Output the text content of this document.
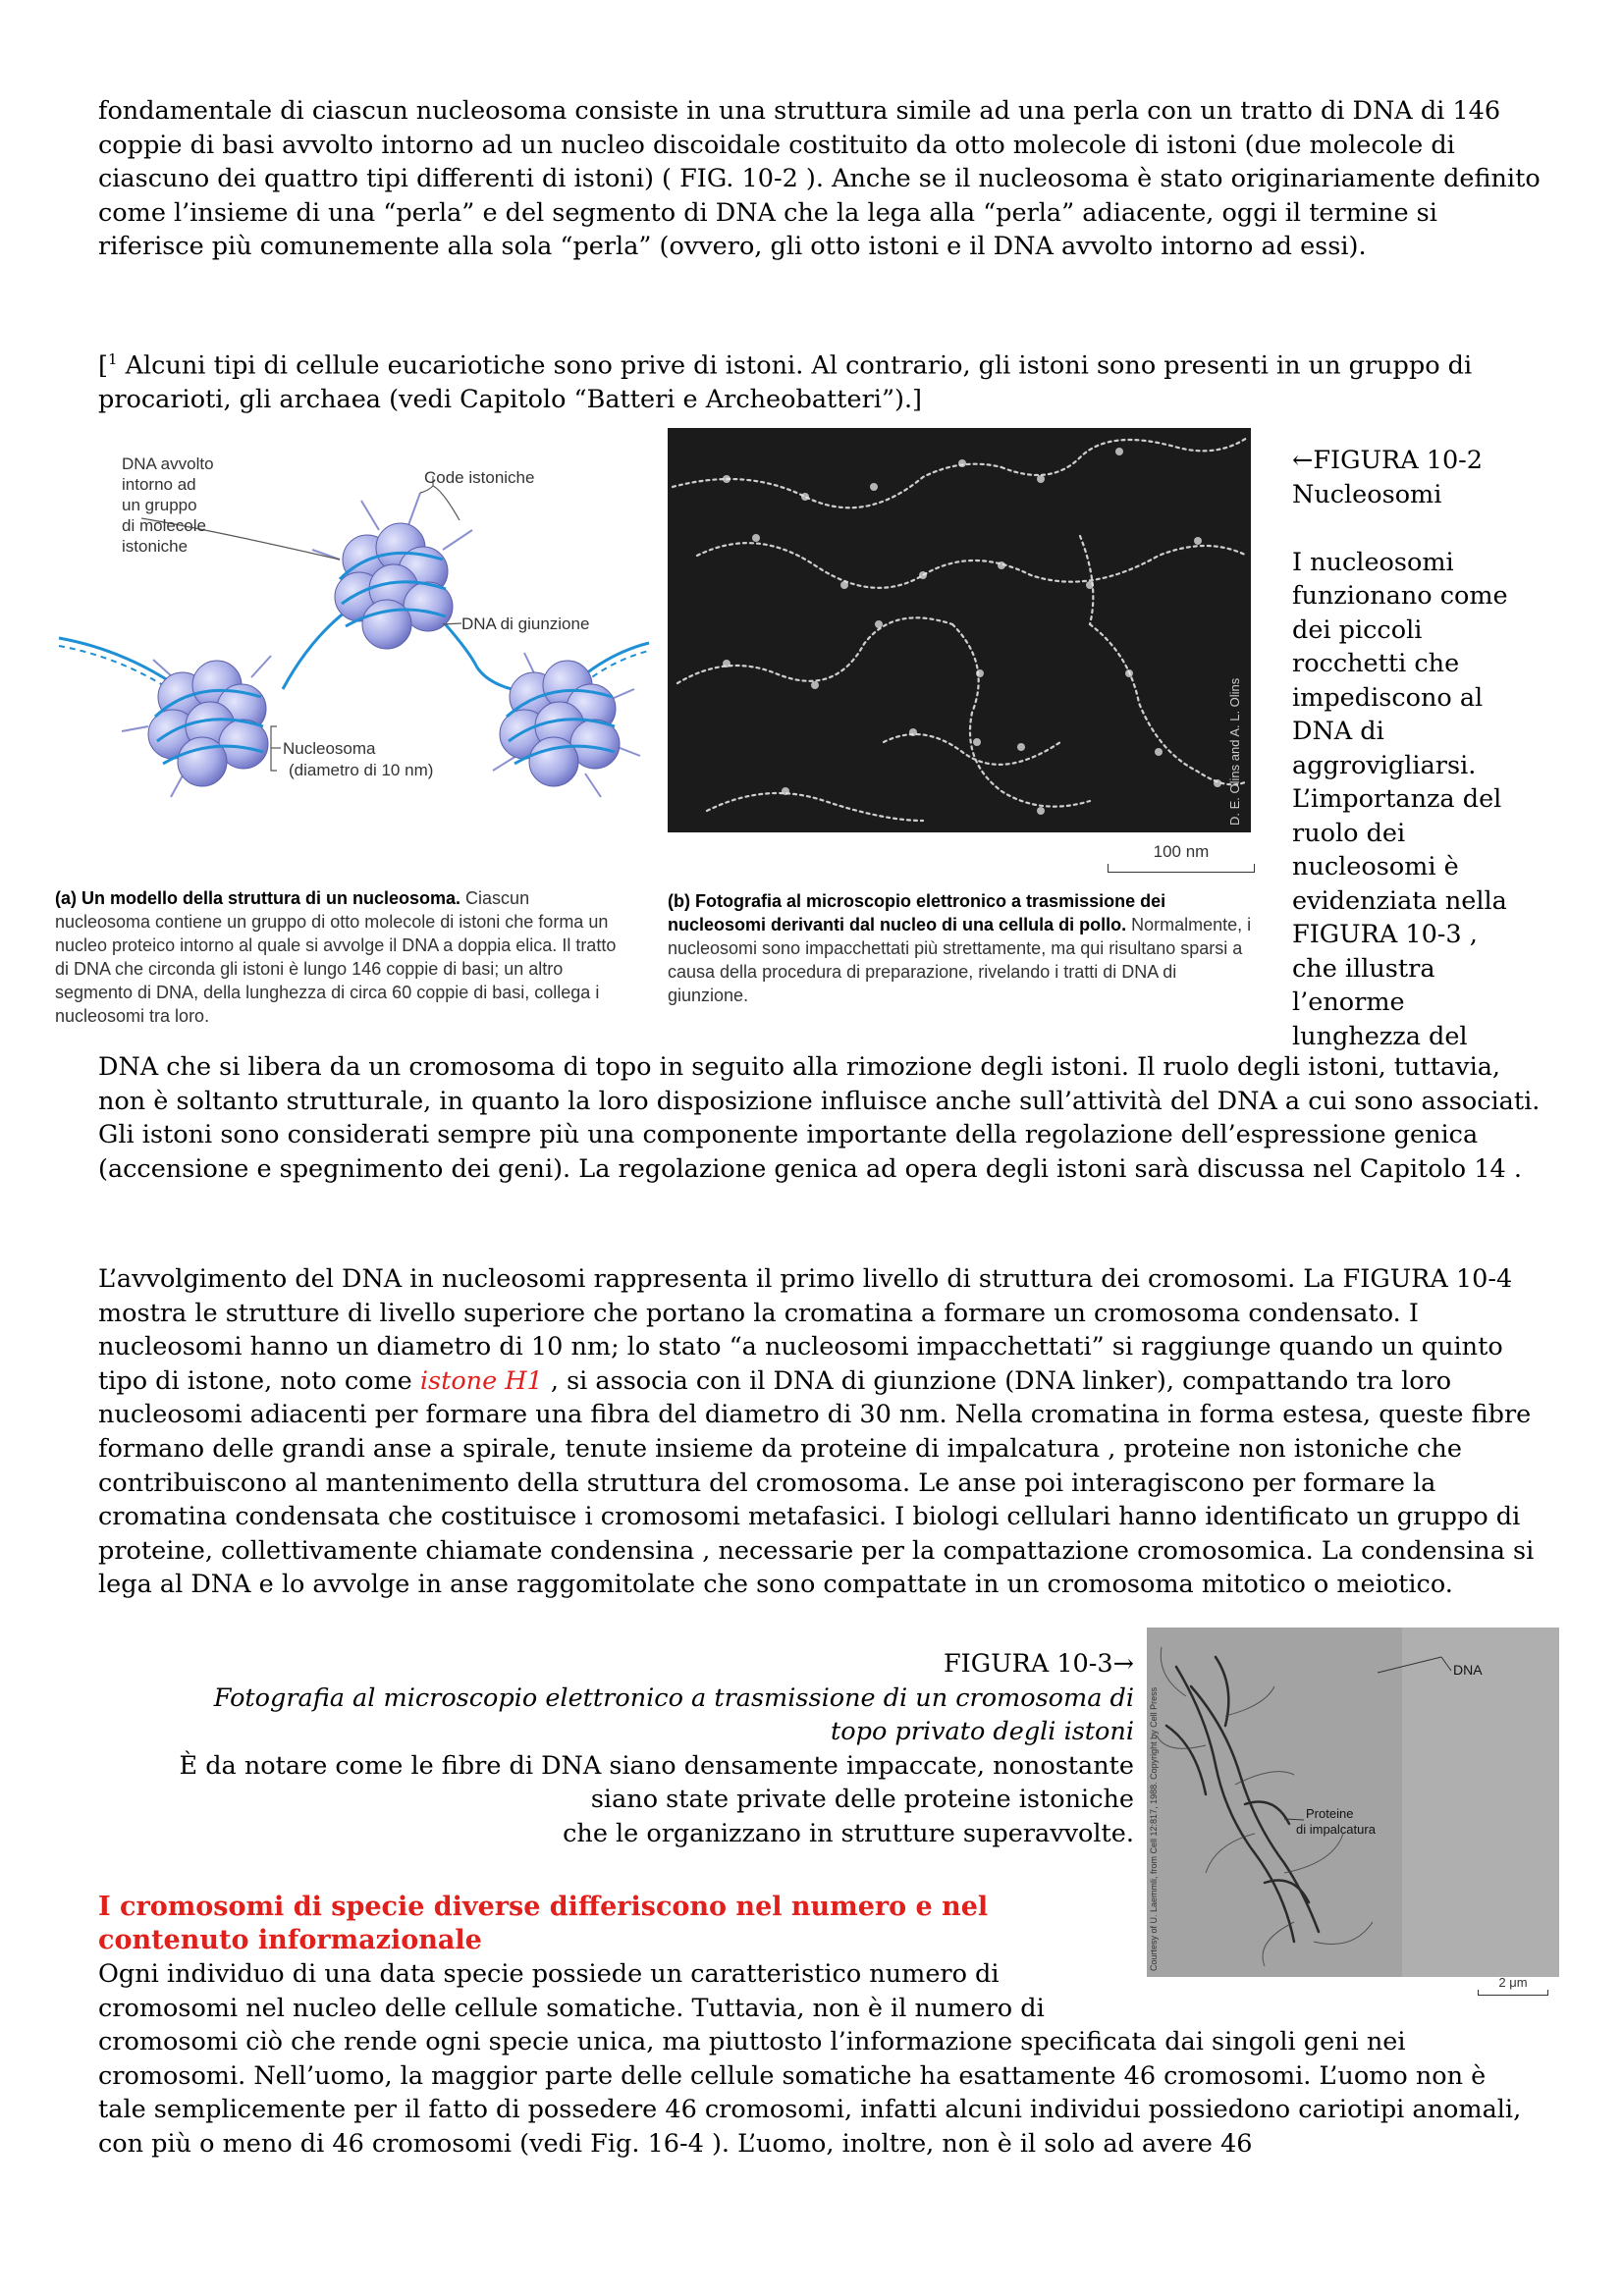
fondamentale di ciascun nucleosoma consiste in una struttura simile ad una perla con un tratto di DNA di 146 coppie di basi avvolto intorno ad un nucleo discoidale costituito da otto molecole di istoni (due molecole di ciascuno dei quattro tipi differenti di istoni) ( FIG. 10-2 ). Anche se il nucleosoma è stato originariamente definito come l’insieme di una “perla” e del segmento di DNA che la lega alla “perla” adiacente, oggi il termine si riferisce più comunemente alla sola “perla” (ovvero, gli otto istoni e il DNA avvolto intorno ad essi).

[$^1$ Alcuni tipi di cellule eucariotiche sono prive di istoni. Al contrario, gli istoni sono presenti in un gruppo di procarioti, gli archaea (vedi Capitolo “Batteri e Archeobatteri”).]

DNA avvolto
intorno ad
un gruppo
di molecole
istoniche
Code istoniche
DNA di giunzione
Nucleosoma
(diametro di 10 nm)	D. E. Olins and A. L. Olins
100 nm
(a) Un modello della struttura di un nucleosoma. Ciascun nucleosoma contiene un gruppo di otto molecole di istoni che forma un nucleo proteico intorno al quale si avvolge il DNA a doppia elica. Il tratto di DNA che circonda gli istoni è lungo 146 coppie di basi; un altro segmento di DNA, della lunghezza di circa 60 coppie di basi, collega i nucleosomi tra loro.
(b) Fotografia al microscopio elettronico a trasmissione dei nucleosomi derivanti dal nucleo di una cellula di pollo. Normalmente, i nucleosomi sono impacchettati più strettamente, ma qui risultano sparsi a causa della procedura di preparazione, rivelando i tratti di DNA di giunzione.
←FIGURA 10-2
Nucleosomi
I nucleosomi
funzionano come
dei piccoli
rocchetti che
impediscono al
DNA di
aggrovigliarsi.
L’importanza del
ruolo dei
nucleosomi è
evidenziata nella
FIGURA 10-3 ,
che illustra
l’enorme
lunghezza del

DNA che si libera da un cromosoma di topo in seguito alla rimozione degli istoni. Il ruolo degli istoni, tuttavia, non è soltanto strutturale, in quanto la loro disposizione influisce anche sull’attività del DNA a cui sono associati. Gli istoni sono considerati sempre più una componente importante della regolazione dell’espressione genica (accensione e spegnimento dei geni). La regolazione genica ad opera degli istoni sarà discussa nel Capitolo 14 .

L’avvolgimento del DNA in nucleosomi rappresenta il primo livello di struttura dei cromosomi. La FIGURA 10-4 mostra le strutture di livello superiore che portano la cromatina a formare un cromosoma condensato. I nucleosomi hanno un diametro di 10 nm; lo stato “a nucleosomi impacchettati” si raggiunge quando un quinto tipo di istone, noto come istone H1 , si associa con il DNA di giunzione (DNA linker), compattando tra loro nucleosomi adiacenti per formare una fibra del diametro di 30 nm. Nella cromatina in forma estesa, queste fibre formano delle grandi anse a spirale, tenute insieme da proteine di impalcatura , proteine non istoniche che contribuiscono al mantenimento della struttura del cromosoma. Le anse poi interagiscono per formare la cromatina condensata che costituisce i cromosomi metafasici. I biologi cellulari hanno identificato un gruppo di proteine, collettivamente chiamate condensina , necessarie per la compattazione cromosomica. La condensina si lega al DNA e lo avvolge in anse raggomitolate che sono compattate in un cromosoma mitotico o meiotico.

FIGURA 10-3→
Fotografia al microscopio elettronico a trasmissione di un cromosoma di
topo privato degli istoni
È da notare come le fibre di DNA siano densamente impaccate, nonostante
siano state private delle proteine istoniche
che le organizzano in strutture superavvolte.
DNA
Proteine
di impalcatura
Courtesy of U. Laemmli, from Cell 12:817, 1988. Copyright by Cell Press
2 μm
I cromosomi di specie diverse differiscono nel numero e nel contenuto informazionale
Ogni individuo di una data specie possiede un caratteristico numero di
cromosomi nel nucleo delle cellule somatiche. Tuttavia, non è il numero di

cromosomi ciò che rende ogni specie unica, ma piuttosto l’informazione specificata dai singoli geni nei cromosomi. Nell’uomo, la maggior parte delle cellule somatiche ha esattamente 46 cromosomi. L’uomo non è tale semplicemente per il fatto di possedere 46 cromosomi, infatti alcuni individui possiedono cariotipi anomali, con più o meno di 46 cromosomi (vedi Fig. 16-4 ). L’uomo, inoltre, non è il solo ad avere 46
